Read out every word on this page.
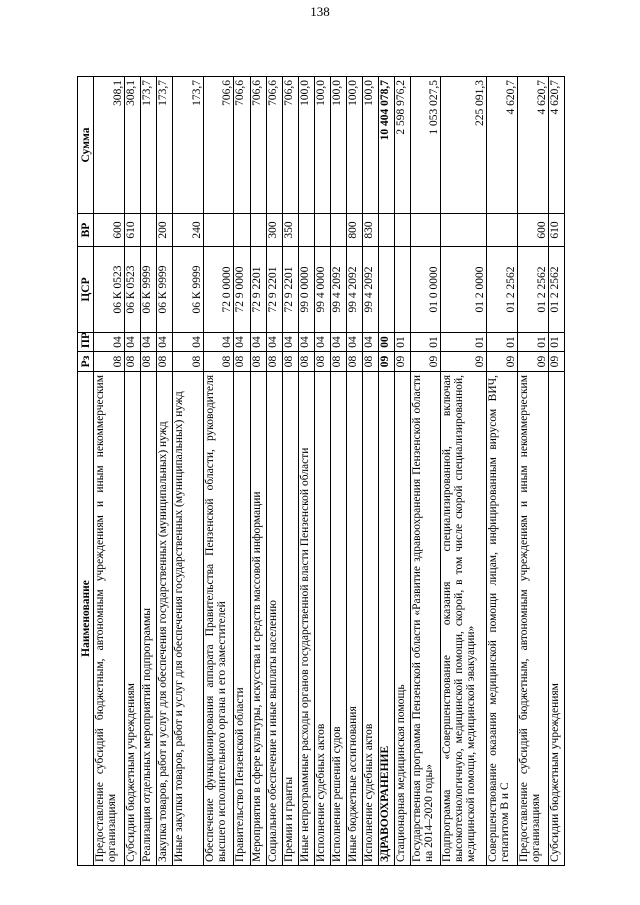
138
Наименование	Рз	ПР	ЦСР	ВР	Сумма
Предоставление субсидий бюджетным, автономным учреждениям и иным некоммерческим организациям	08	04	06 К 0523	600	308,1
Субсидии бюджетным учреждениям	08	04	06 К 0523	610	308,1
Реализация отдельных мероприятий подпрограммы	08	04	06 К 9999		173,7
Закупка товаров, работ и услуг для обеспечения государственных (муниципальных) нужд	08	04	06 К 9999	200	173,7
Иные закупки товаров, работ и услуг для обеспечения государственных (муниципальных) нужд	08	04	06 К 9999	240	173,7
Обеспечение функционирования аппарата Правительства Пензенской области, руководителя высшего исполнительного органа и его заместителей	08	04	72 0 0000		706,6
Правительство Пензенской области	08	04	72 9 0000		706,6
Мероприятия в сфере культуры, искусства и средств массовой информации	08	04	72 9 2201		706,6
Социальное обеспечение и иные выплаты населению	08	04	72 9 2201	300	706,6
Премии и гранты	08	04	72 9 2201	350	706,6
Иные непрограммные расходы органов государственной власти Пензенской области	08	04	99 0 0000		100,0
Исполнение судебных актов	08	04	99 4 0000		100,0
Исполнение решений судов	08	04	99 4 2092		100,0
Иные бюджетные ассигнования	08	04	99 4 2092	800	100,0
Исполнение судебных актов	08	04	99 4 2092	830	100,0
ЗДРАВООХРАНЕНИЕ	09	00			10 404 078,7
Стационарная медицинская помощь	09	01			2 598 976,2
Государственная программа Пензенской области «Развитие здравоохранения Пензенской области на 2014–2020 годы»	09	01	01 0 0000		1 053 027,5
Подпрограмма «Совершенствование оказания специализированной, включая высокотехнологичную, медицинской помощи, скорой, в том числе скорой специализированной, медицинской помощи, медицинской эвакуации»	09	01	01 2 0000		225 091,3
Совершенствование оказания медицинской помощи лицам, инфицированным вирусом ВИЧ, гепатитом В и С	09	01	01 2 2562		4 620,7
Предоставление субсидий бюджетным, автономным учреждениям и иным некоммерческим организациям	09	01	01 2 2562	600	4 620,7
Субсидии бюджетным учреждениям	09	01	01 2 2562	610	4 620,7
